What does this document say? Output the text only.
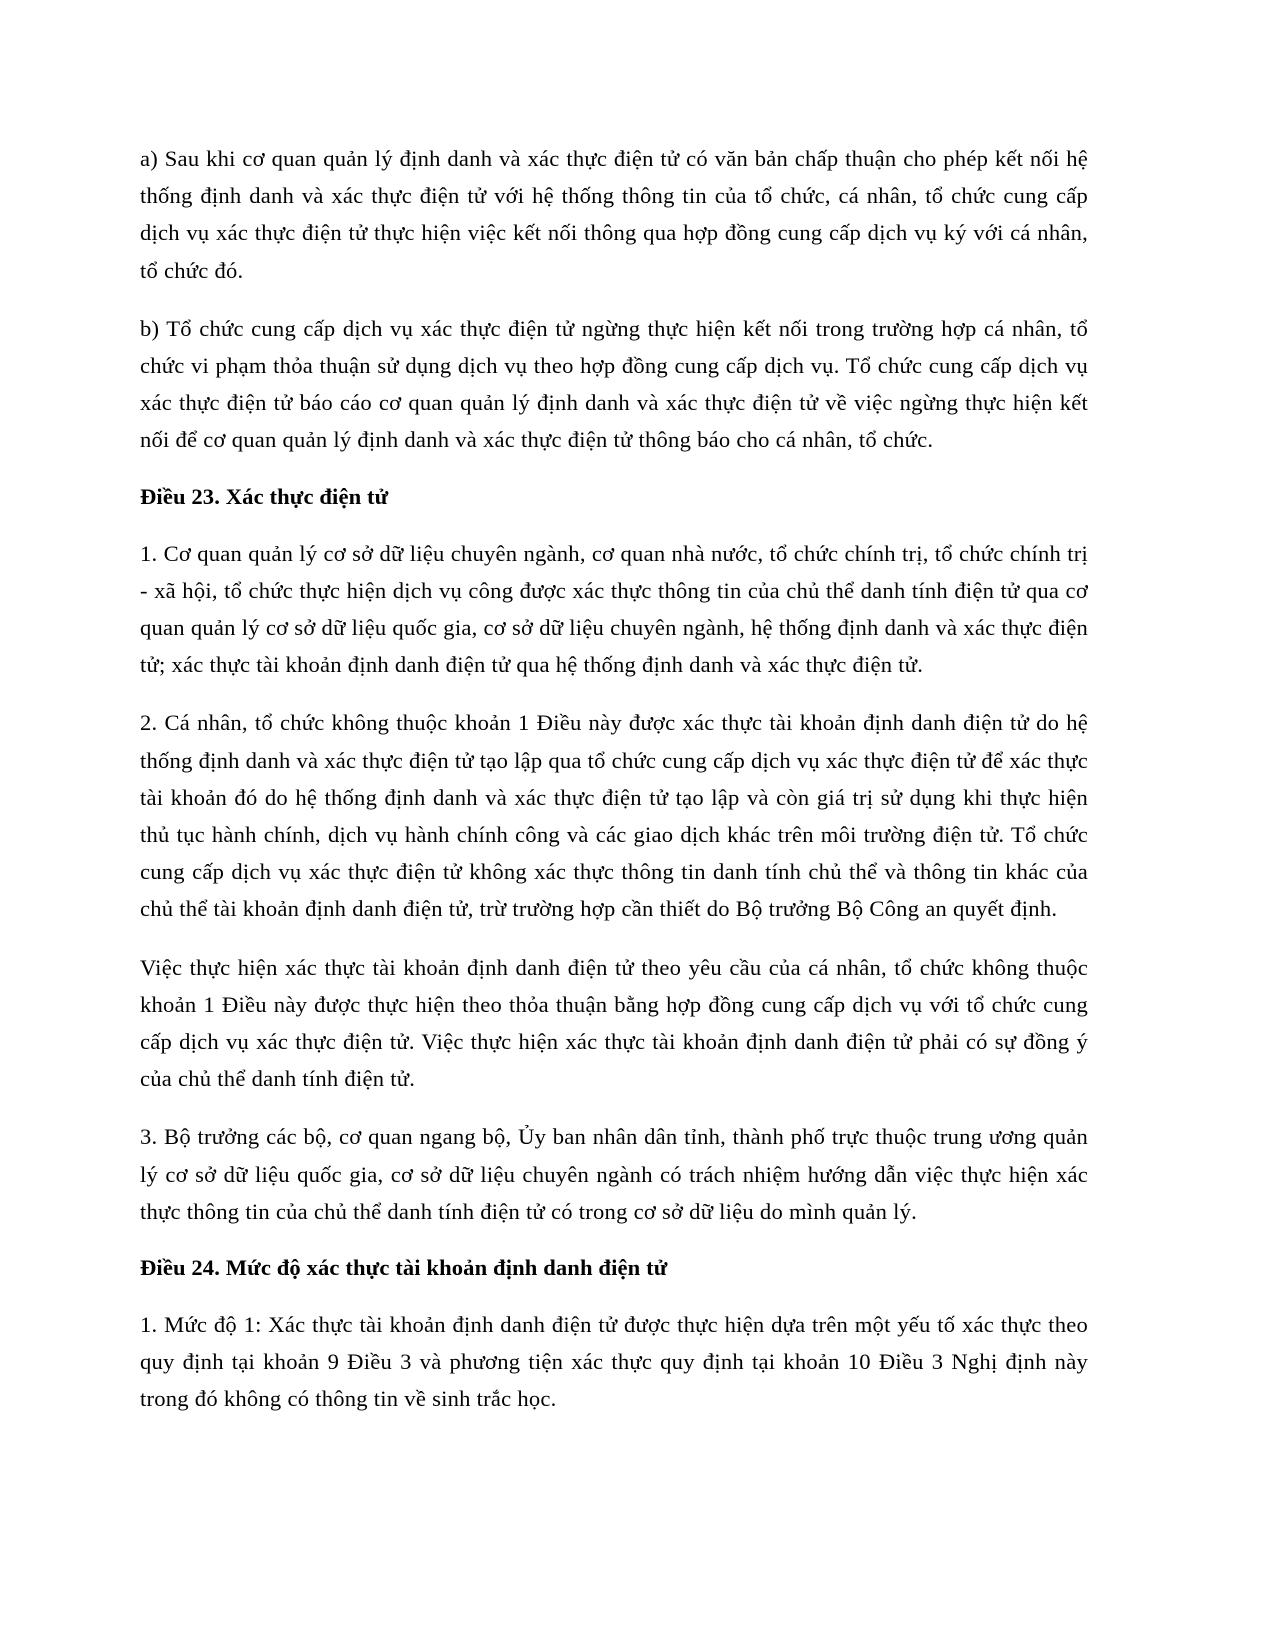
a) Sau khi cơ quan quản lý định danh và xác thực điện tử có văn bản chấp thuận cho phép kết nối hệ thống định danh và xác thực điện tử với hệ thống thông tin của tổ chức, cá nhân, tổ chức cung cấp dịch vụ xác thực điện tử thực hiện việc kết nối thông qua hợp đồng cung cấp dịch vụ ký với cá nhân, tổ chức đó.

b) Tổ chức cung cấp dịch vụ xác thực điện tử ngừng thực hiện kết nối trong trường hợp cá nhân, tổ chức vi phạm thỏa thuận sử dụng dịch vụ theo hợp đồng cung cấp dịch vụ. Tổ chức cung cấp dịch vụ xác thực điện tử báo cáo cơ quan quản lý định danh và xác thực điện tử về việc ngừng thực hiện kết nối để cơ quan quản lý định danh và xác thực điện tử thông báo cho cá nhân, tổ chức.

Điều 23. Xác thực điện tử

1. Cơ quan quản lý cơ sở dữ liệu chuyên ngành, cơ quan nhà nước, tổ chức chính trị, tổ chức chính trị - xã hội, tổ chức thực hiện dịch vụ công được xác thực thông tin của chủ thể danh tính điện tử qua cơ quan quản lý cơ sở dữ liệu quốc gia, cơ sở dữ liệu chuyên ngành, hệ thống định danh và xác thực điện tử; xác thực tài khoản định danh điện tử qua hệ thống định danh và xác thực điện tử.

2. Cá nhân, tổ chức không thuộc khoản 1 Điều này được xác thực tài khoản định danh điện tử do hệ thống định danh và xác thực điện tử tạo lập qua tổ chức cung cấp dịch vụ xác thực điện tử để xác thực tài khoản đó do hệ thống định danh và xác thực điện tử tạo lập và còn giá trị sử dụng khi thực hiện thủ tục hành chính, dịch vụ hành chính công và các giao dịch khác trên môi trường điện tử. Tổ chức cung cấp dịch vụ xác thực điện tử không xác thực thông tin danh tính chủ thể và thông tin khác của chủ thể tài khoản định danh điện tử, trừ trường hợp cần thiết do Bộ trưởng Bộ Công an quyết định.

Việc thực hiện xác thực tài khoản định danh điện tử theo yêu cầu của cá nhân, tổ chức không thuộc khoản 1 Điều này được thực hiện theo thỏa thuận bằng hợp đồng cung cấp dịch vụ với tổ chức cung cấp dịch vụ xác thực điện tử. Việc thực hiện xác thực tài khoản định danh điện tử phải có sự đồng ý của chủ thể danh tính điện tử.

3. Bộ trưởng các bộ, cơ quan ngang bộ, Ủy ban nhân dân tỉnh, thành phố trực thuộc trung ương quản lý cơ sở dữ liệu quốc gia, cơ sở dữ liệu chuyên ngành có trách nhiệm hướng dẫn việc thực hiện xác thực thông tin của chủ thể danh tính điện tử có trong cơ sở dữ liệu do mình quản lý.

Điều 24. Mức độ xác thực tài khoản định danh điện tử

1. Mức độ 1: Xác thực tài khoản định danh điện tử được thực hiện dựa trên một yếu tố xác thực theo quy định tại khoản 9 Điều 3 và phương tiện xác thực quy định tại khoản 10 Điều 3 Nghị định này trong đó không có thông tin về sinh trắc học.
